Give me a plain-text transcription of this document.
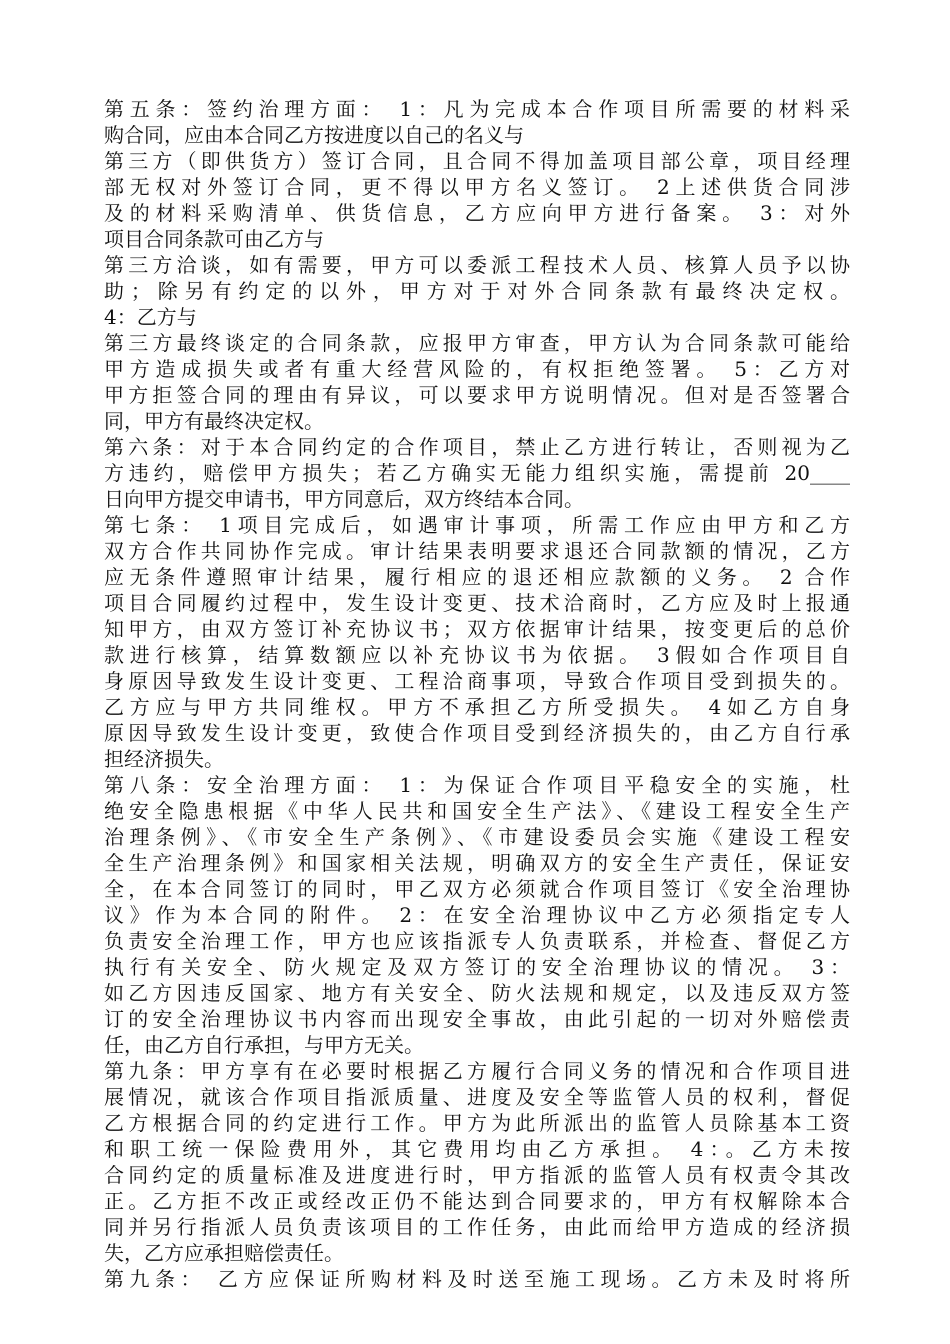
第五条：签约治理方面： 1：凡为完成本合作项目所需要的材料采
购合同，应由本合同乙方按进度以自己的名义与
第三方（即供货方）签订合同，且合同不得加盖项目部公章，项目经理
部无权对外签订合同，更不得以甲方名义签订。 2上述供货合同涉
及的材料采购清单、供货信息，乙方应向甲方进行备案。 3：对外
项目合同条款可由乙方与
第三方洽谈，如有需要，甲方可以委派工程技术人员、核算人员予以协
助；除另有约定的以外，甲方对于对外合同条款有最终决定权。
4：乙方与
第三方最终谈定的合同条款，应报甲方审查，甲方认为合同条款可能给
甲方造成损失或者有重大经营风险的，有权拒绝签署。 5：乙方对
甲方拒签合同的理由有异议，可以要求甲方说明情况。但对是否签署合
同，甲方有最终决定权。
第六条：对于本合同约定的合作项目，禁止乙方进行转让，否则视为乙
方违约，赔偿甲方损失；若乙方确实无能力组织实施，需提前 20____
日向甲方提交申请书，甲方同意后，双方终结本合同。
第七条： 1项目完成后，如遇审计事项，所需工作应由甲方和乙方
双方合作共同协作完成。审计结果表明要求退还合同款额的情况，乙方
应无条件遵照审计结果，履行相应的退还相应款额的义务。 2 合作
项目合同履约过程中，发生设计变更、技术洽商时，乙方应及时上报通
知甲方，由双方签订补充协议书；双方依据审计结果，按变更后的总价
款进行核算，结算数额应以补充协议书为依据。 3假如合作项目自
身原因导致发生设计变更、工程洽商事项，导致合作项目受到损失的。
乙方应与甲方共同维权。甲方不承担乙方所受损失。 4如乙方自身
原因导致发生设计变更，致使合作项目受到经济损失的，由乙方自行承
担经济损失。
第八条：安全治理方面： 1：为保证合作项目平稳安全的实施，杜
绝安全隐患根据《中华人民共和国安全生产法》、《建设工程安全生产
治理条例》、《市安全生产条例》、《市建设委员会实施《建设工程安
全生产治理条例》和国家相关法规，明确双方的安全生产责任，保证安
全，在本合同签订的同时，甲乙双方必须就合作项目签订《安全治理协
议》作为本合同的附件。 2：在安全治理协议中乙方必须指定专人
负责安全治理工作，甲方也应该指派专人负责联系，并检查、督促乙方
执行有关安全、防火规定及双方签订的安全治理协议的情况。 3：
如乙方因违反国家、地方有关安全、防火法规和规定，以及违反双方签
订的安全治理协议书内容而出现安全事故，由此引起的一切对外赔偿责
任，由乙方自行承担，与甲方无关。
第九条：甲方享有在必要时根据乙方履行合同义务的情况和合作项目进
展情况，就该合作项目指派质量、进度及安全等监管人员的权利，督促
乙方根据合同的约定进行工作。甲方为此所派出的监管人员除基本工资
和职工统一保险费用外，其它费用均由乙方承担。 4：。乙方未按
合同约定的质量标准及进度进行时，甲方指派的监管人员有权责令其改
正。乙方拒不改正或经改正仍不能达到合同要求的，甲方有权解除本合
同并另行指派人员负责该项目的工作任务，由此而给甲方造成的经济损
失，乙方应承担赔偿责任。
第九条： 乙方应保证所购材料及时送至施工现场。乙方未及时将所
